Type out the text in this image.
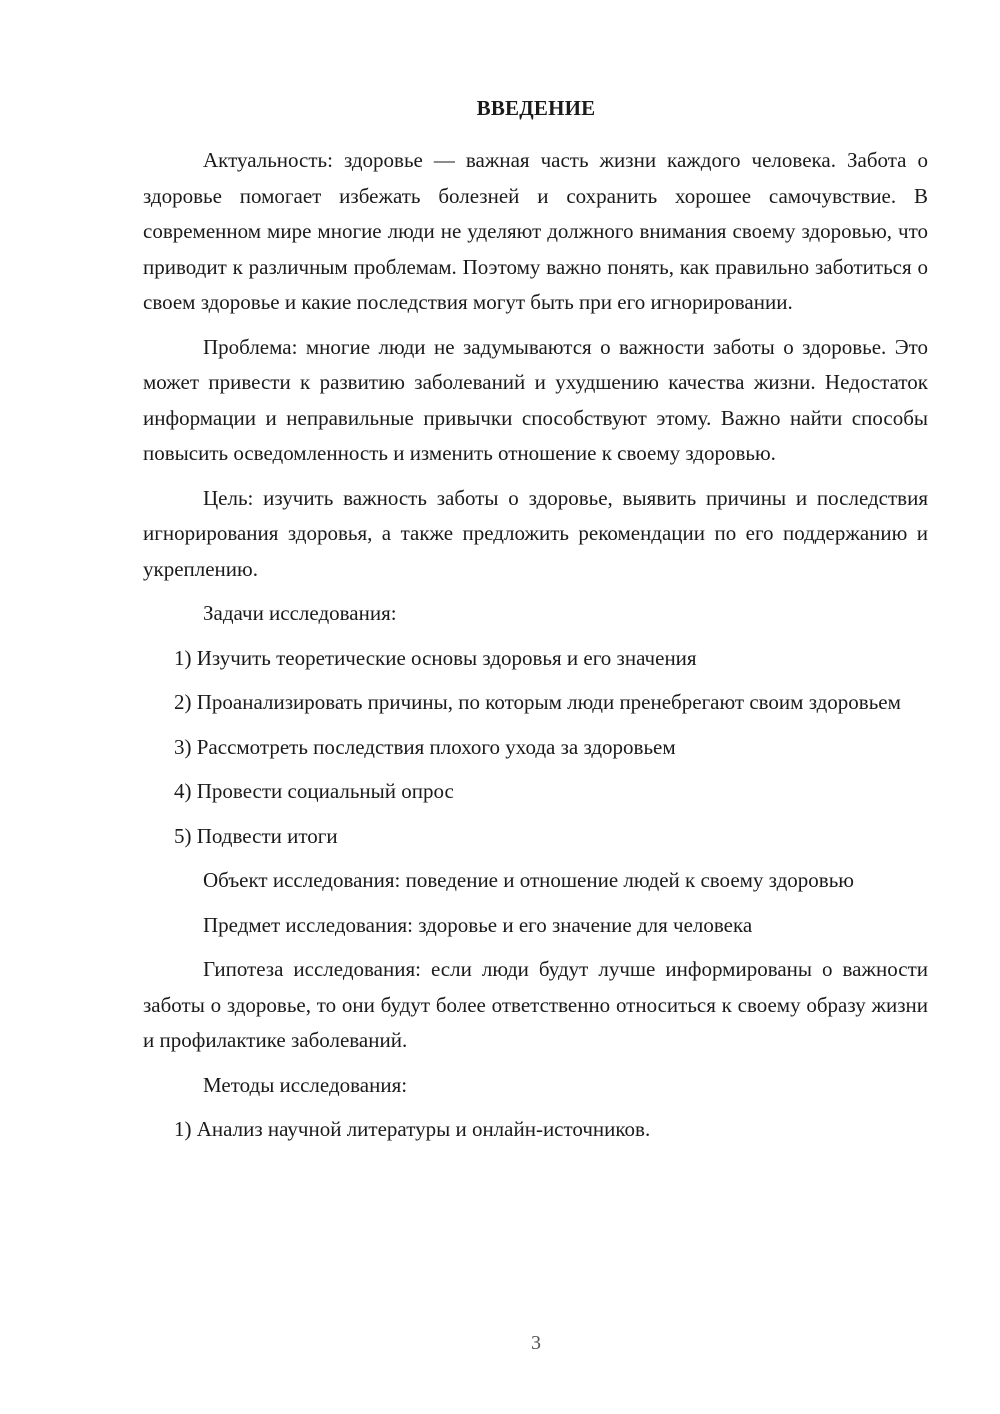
ВВЕДЕНИЕ

Актуальность: здоровье — важная часть жизни каждого человека. Забота о здоровье помогает избежать болезней и сохранить хорошее самочувствие. В современном мире многие люди не уделяют должного внимания своему здоровью, что приводит к различным проблемам. Поэтому важно понять, как правильно заботиться о своем здоровье и какие последствия могут быть при его игнорировании.

Проблема: многие люди не задумываются о важности заботы о здоровье. Это может привести к развитию заболеваний и ухудшению качества жизни. Недостаток информации и неправильные привычки способствуют этому. Важно найти способы повысить осведомленность и изменить отношение к своему здоровью.

Цель: изучить важность заботы о здоровье, выявить причины и последствия игнорирования здоровья, а также предложить рекомендации по его поддержанию и укреплению.

Задачи исследования:

1) Изучить теоретические основы здоровья и его значения

2) Проанализировать причины, по которым люди пренебрегают своим здоровьем

3) Рассмотреть последствия плохого ухода за здоровьем

4) Провести социальный опрос

5) Подвести итоги

Объект исследования: поведение и отношение людей к своему здоровью

Предмет исследования: здоровье и его значение для человека

Гипотеза исследования: если люди будут лучше информированы о важности заботы о здоровье, то они будут более ответственно относиться к своему образу жизни и профилактике заболеваний.

Методы исследования:

1) Анализ научной литературы и онлайн-источников.

3
